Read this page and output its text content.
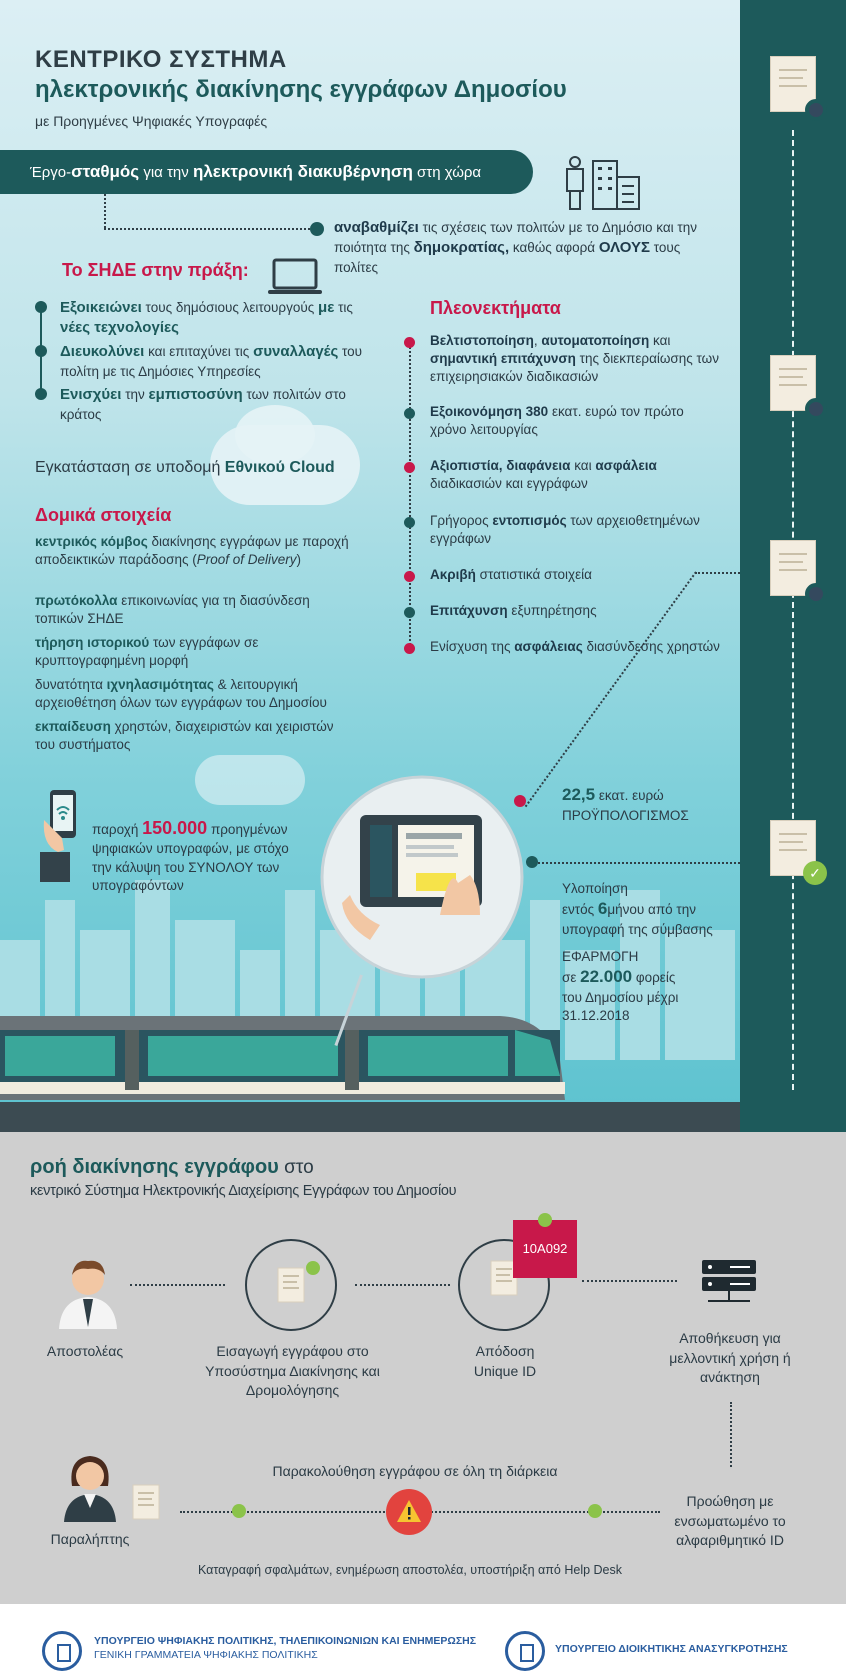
ΚΕΝΤΡΙΚΟ ΣΥΣΤΗΜΑ
ηλεκτρονικής διακίνησης εγγράφων Δημοσίου
με Προηγμένες Ψηφιακές Υπογραφές
Έργο-σταθμός για την ηλεκτρονική διακυβέρνηση στη χώρα
αναβαθμίζει τις σχέσεις των πολιτών με το Δημόσιο και την ποιότητα της δημοκρατίας, καθώς αφορά ΟΛΟΥΣ τους πολίτες
Το ΣΗΔΕ στην πράξη:
Εξοικειώνει τους δημόσιους λειτουργούς με τις νέες τεχνολογίες
Διευκολύνει και επιταχύνει τις συναλλαγές του πολίτη με τις Δημόσιες Υπηρεσίες
Ενισχύει την εμπιστοσύνη των πολιτών στο κράτος
Εγκατάσταση σε υποδομή Εθνικού Cloud
Δομικά στοιχεία
κεντρικός κόμβος διακίνησης εγγράφων με παροχή αποδεικτικών παράδοσης (Proof of Delivery)
πρωτόκολλα επικοινωνίας για τη διασύνδεση τοπικών ΣΗΔΕ
τήρηση ιστορικού των εγγράφων σε κρυπτογραφημένη μορφή
δυνατότητα ιχνηλασιμότητας & λειτουργική αρχειοθέτηση όλων των εγγράφων του Δημοσίου
εκπαίδευση χρηστών, διαχειριστών και χειριστών του συστήματος
παροχή 150.000 προηγμένων ψηφιακών υπογραφών, με στόχο την κάλυψη του ΣΥΝΟΛΟΥ των υπογραφόντων
Πλεονεκτήματα
Βελτιστοποίηση, αυτοματοποίηση και σημαντική επιτάχυνση της διεκπεραίωσης των επιχειρησιακών διαδικασιών
Εξοικονόμηση 380 εκατ. ευρώ τον πρώτο χρόνο λειτουργίας
Αξιοπιστία, διαφάνεια και ασφάλεια διαδικασιών και εγγράφων
Γρήγορος εντοπισμός των αρχειοθετημένων εγγράφων
Ακριβή στατιστικά στοιχεία
Επιτάχυνση εξυπηρέτησης
Ενίσχυση της ασφάλειας διασύνδεσης χρηστών
22,5 εκατ. ευρώ
ΠΡΟΫΠΟΛΟΓΙΣΜΟΣ
Υλοποίηση
εντός 6μήνου από την
υπογραφή της σύμβασης
ΕΦΑΡΜΟΓΗ
σε 22.000 φορείς
του Δημοσίου μέχρι
31.12.2018
✓
ροή διακίνησης εγγράφου στο
κεντρικό Σύστημα Ηλεκτρονικής Διαχείρισης Εγγράφων του Δημοσίου
Αποστολέας	Εισαγωγή εγγράφου στο Υποσύστημα Διακίνησης και Δρομολόγησης
10A092
Απόδοση
Unique ID
Αποθήκευση για μελλοντική χρήση ή ανάκτηση
Προώθηση με ενσωματωμένο το αλφαριθμητικό ID
Παρακολούθηση εγγράφου σε όλη τη διάρκεια
Καταγραφή σφαλμάτων, ενημέρωση αποστολέα, υποστήριξη από Help Desk
Παραλήπτης
ΥΠΟΥΡΓΕΙΟ ΨΗΦΙΑΚΗΣ ΠΟΛΙΤΙΚΗΣ, ΤΗΛΕΠΙΚΟΙΝΩΝΙΩΝ ΚΑΙ ΕΝΗΜΕΡΩΣΗΣ
ΓΕΝΙΚΗ ΓΡΑΜΜΑΤΕΙΑ ΨΗΦΙΑΚΗΣ ΠΟΛΙΤΙΚΗΣ	ΥΠΟΥΡΓΕΙΟ ΔΙΟΙΚΗΤΙΚΗΣ ΑΝΑΣΥΓΚΡΟΤΗΣΗΣ
